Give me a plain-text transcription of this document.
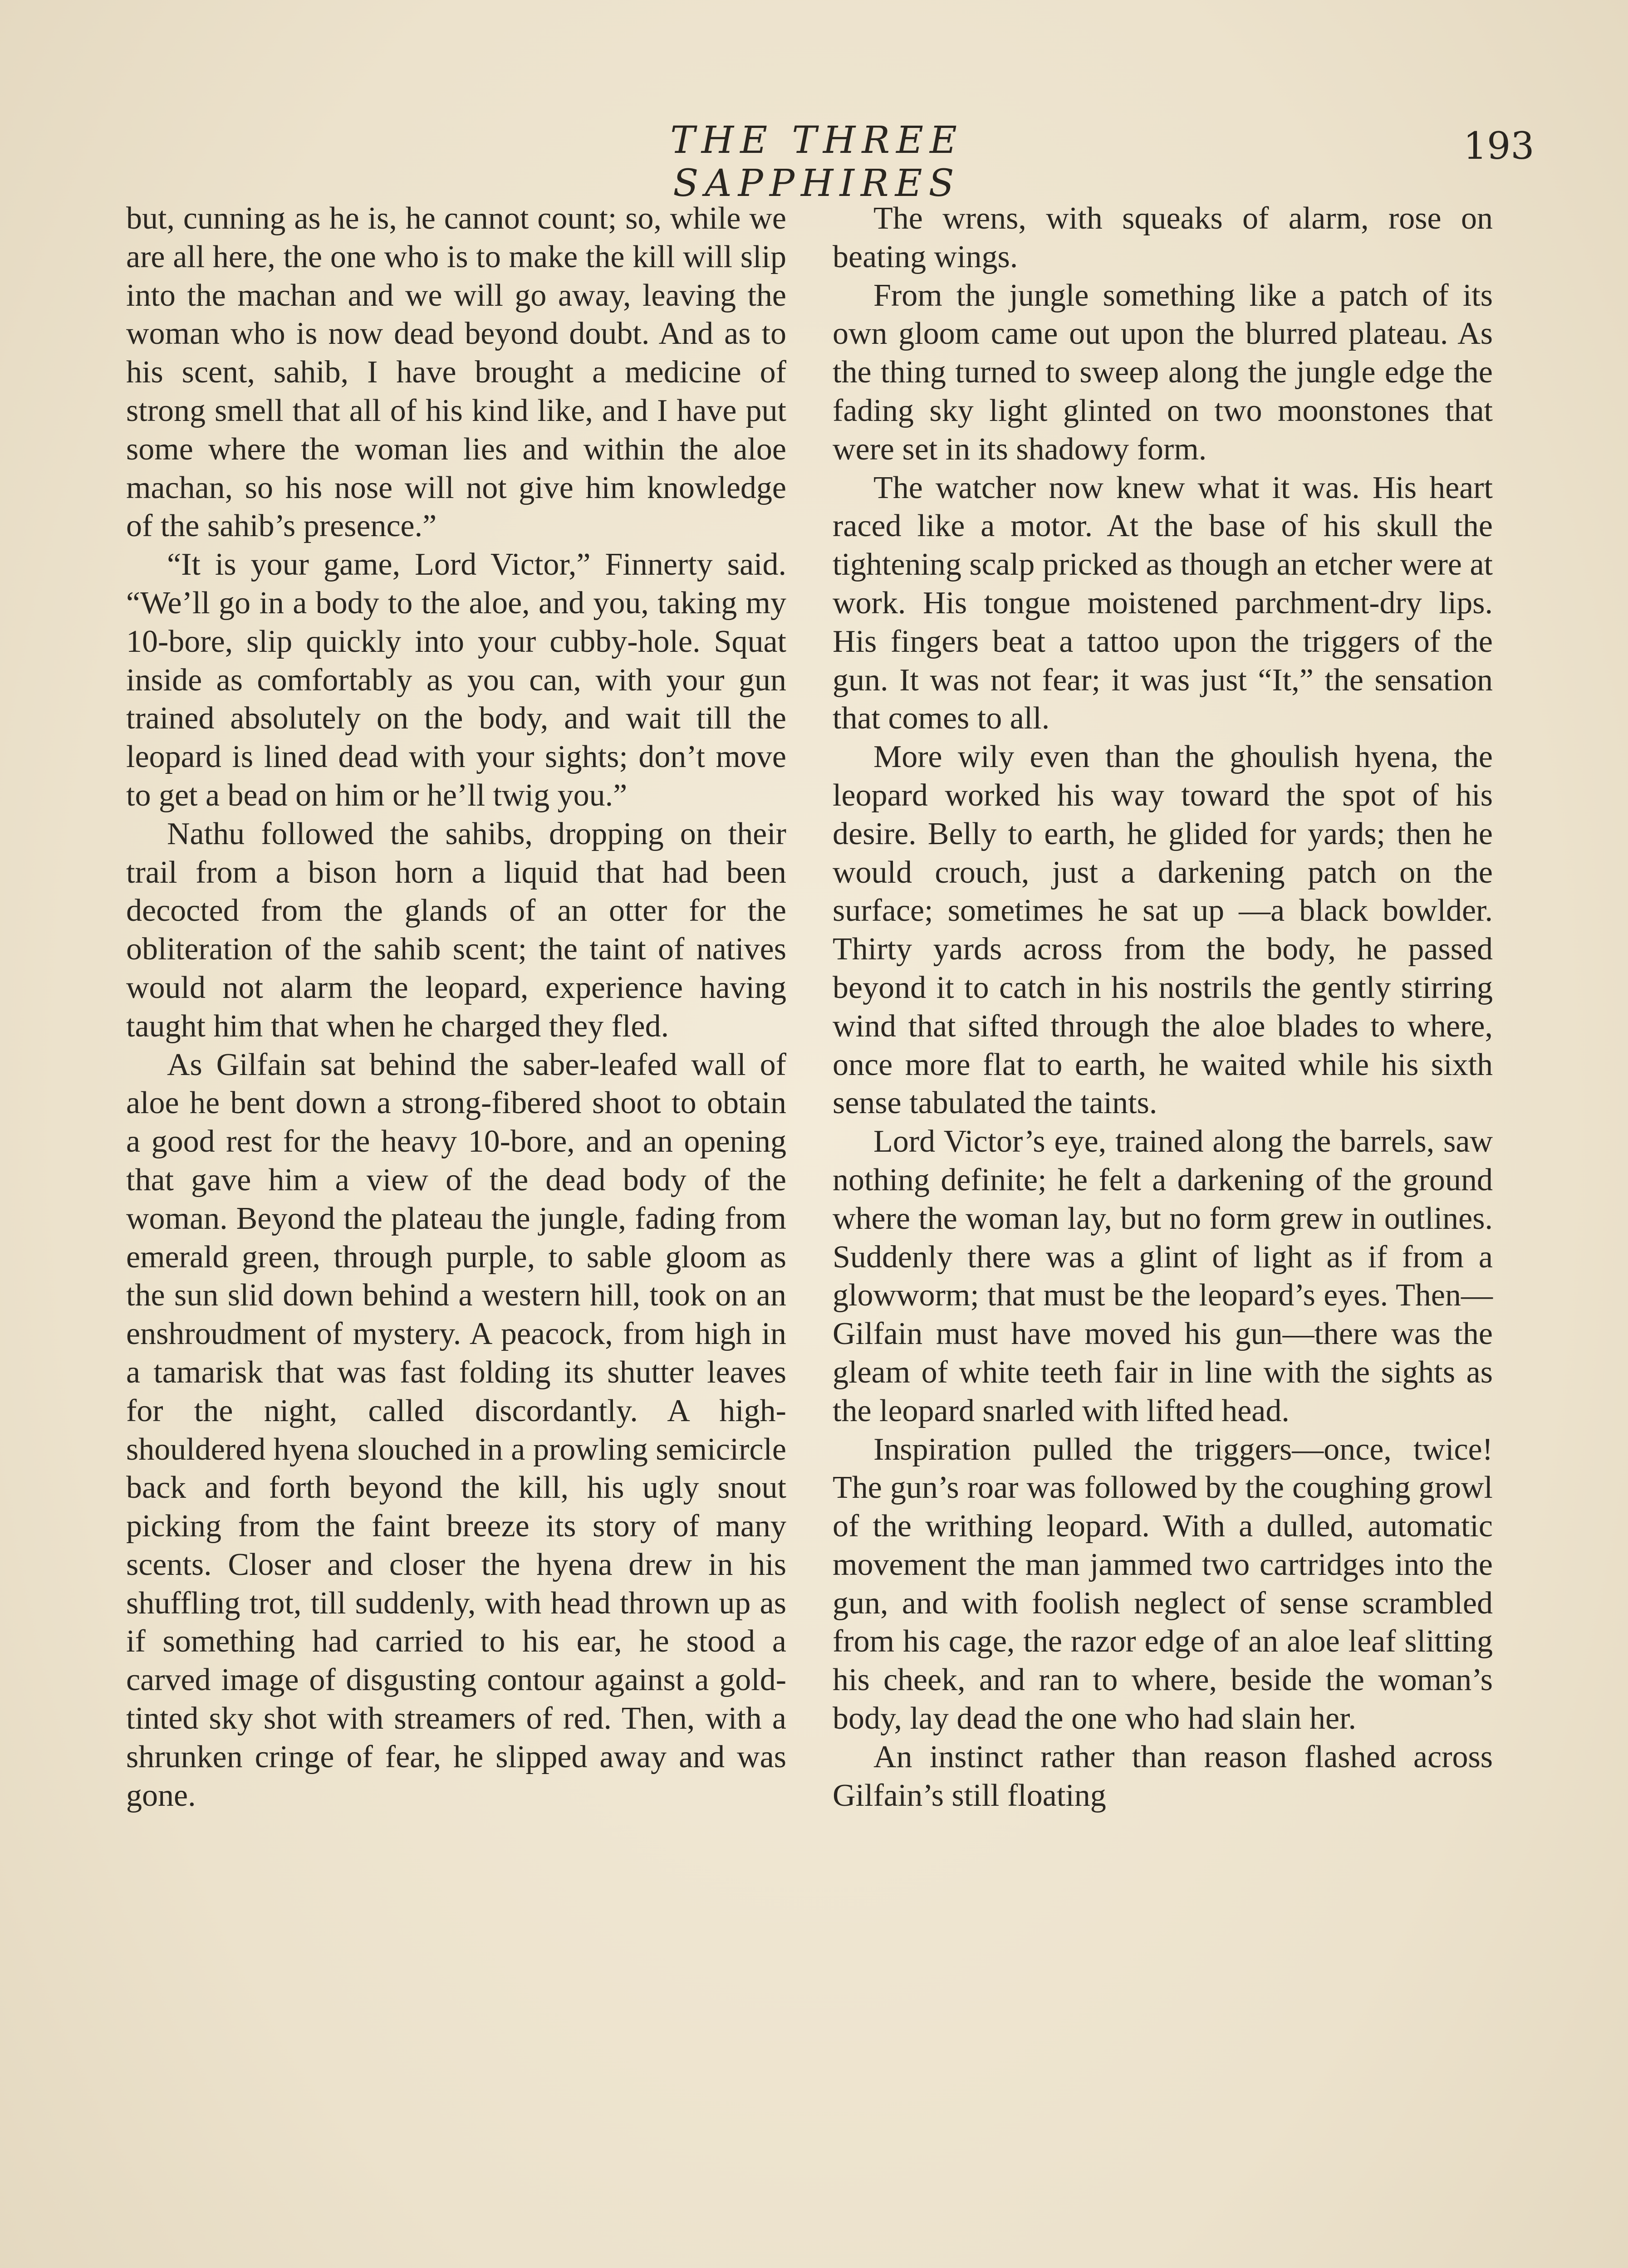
THE THREE SAPPHIRES
193

but, cunning as he is, he cannot count; so, while we are all here, the one who is to make the kill will slip into the machan and we will go away, leaving the woman who is now dead beyond doubt. And as to his scent, sahib, I have brought a medicine of strong smell that all of his kind like, and I have put some where the woman lies and within the aloe machan, so his nose will not give him knowledge of the sahib’s presence.”

“It is your game, Lord Victor,” Finnerty said. “We’ll go in a body to the aloe, and you, taking my 10-bore, slip quickly into your cubby-hole. Squat inside as comfortably as you can, with your gun trained absolutely on the body, and wait till the leopard is lined dead with your sights; don’t move to get a bead on him or he’ll twig you.”

Nathu followed the sahibs, dropping on their trail from a bison horn a liquid that had been decocted from the glands of an otter for the obliteration of the sahib scent; the taint of natives would not alarm the leopard, experience having taught him that when he charged they fled.

As Gilfain sat behind the saber-leafed wall of aloe he bent down a strong-fibered shoot to obtain a good rest for the heavy 10-bore, and an opening that gave him a view of the dead body of the woman. Beyond the plateau the jungle, fading from emerald green, through purple, to sable gloom as the sun slid down behind a western hill, took on an enshroudment of mystery. A peacock, from high in a tamarisk that was fast folding its shutter leaves for the night, called discordantly. A high-shouldered hyena slouched in a prowling semicircle back and forth beyond the kill, his ugly snout picking from the faint breeze its story of many scents. Closer and closer the hyena drew in his shuffling trot, till suddenly, with head thrown up as if something had carried to his ear, he stood a carved image of disgusting contour against a gold-tinted sky shot with streamers of red. Then, with a shrunken cringe of fear, he slipped away and was gone.

The wrens, with squeaks of alarm, rose on beating wings.

From the jungle something like a patch of its own gloom came out upon the blurred plateau. As the thing turned to sweep along the jungle edge the fading sky light glinted on two moonstones that were set in its shadowy form.

The watcher now knew what it was. His heart raced like a motor. At the base of his skull the tightening scalp pricked as though an etcher were at work. His tongue moistened parchment-dry lips. His fingers beat a tattoo upon the triggers of the gun. It was not fear; it was just “It,” the sensation that comes to all.

More wily even than the ghoulish hyena, the leopard worked his way toward the spot of his desire. Belly to earth, he glided for yards; then he would crouch, just a darkening patch on the surface; sometimes he sat up —a black bowlder. Thirty yards across from the body, he passed beyond it to catch in his nostrils the gently stirring wind that sifted through the aloe blades to where, once more flat to earth, he waited while his sixth sense tabulated the taints.

Lord Victor’s eye, trained along the barrels, saw nothing definite; he felt a darkening of the ground where the woman lay, but no form grew in outlines. Suddenly there was a glint of light as if from a glowworm; that must be the leopard’s eyes. Then—Gilfain must have moved his gun—there was the gleam of white teeth fair in line with the sights as the leopard snarled with lifted head.

Inspiration pulled the triggers—once, twice! The gun’s roar was followed by the coughing growl of the writhing leopard. With a dulled, automatic movement the man jammed two cartridges into the gun, and with foolish neglect of sense scrambled from his cage, the razor edge of an aloe leaf slitting his cheek, and ran to where, beside the woman’s body, lay dead the one who had slain her.

An instinct rather than reason flashed across Gilfain’s still floating
